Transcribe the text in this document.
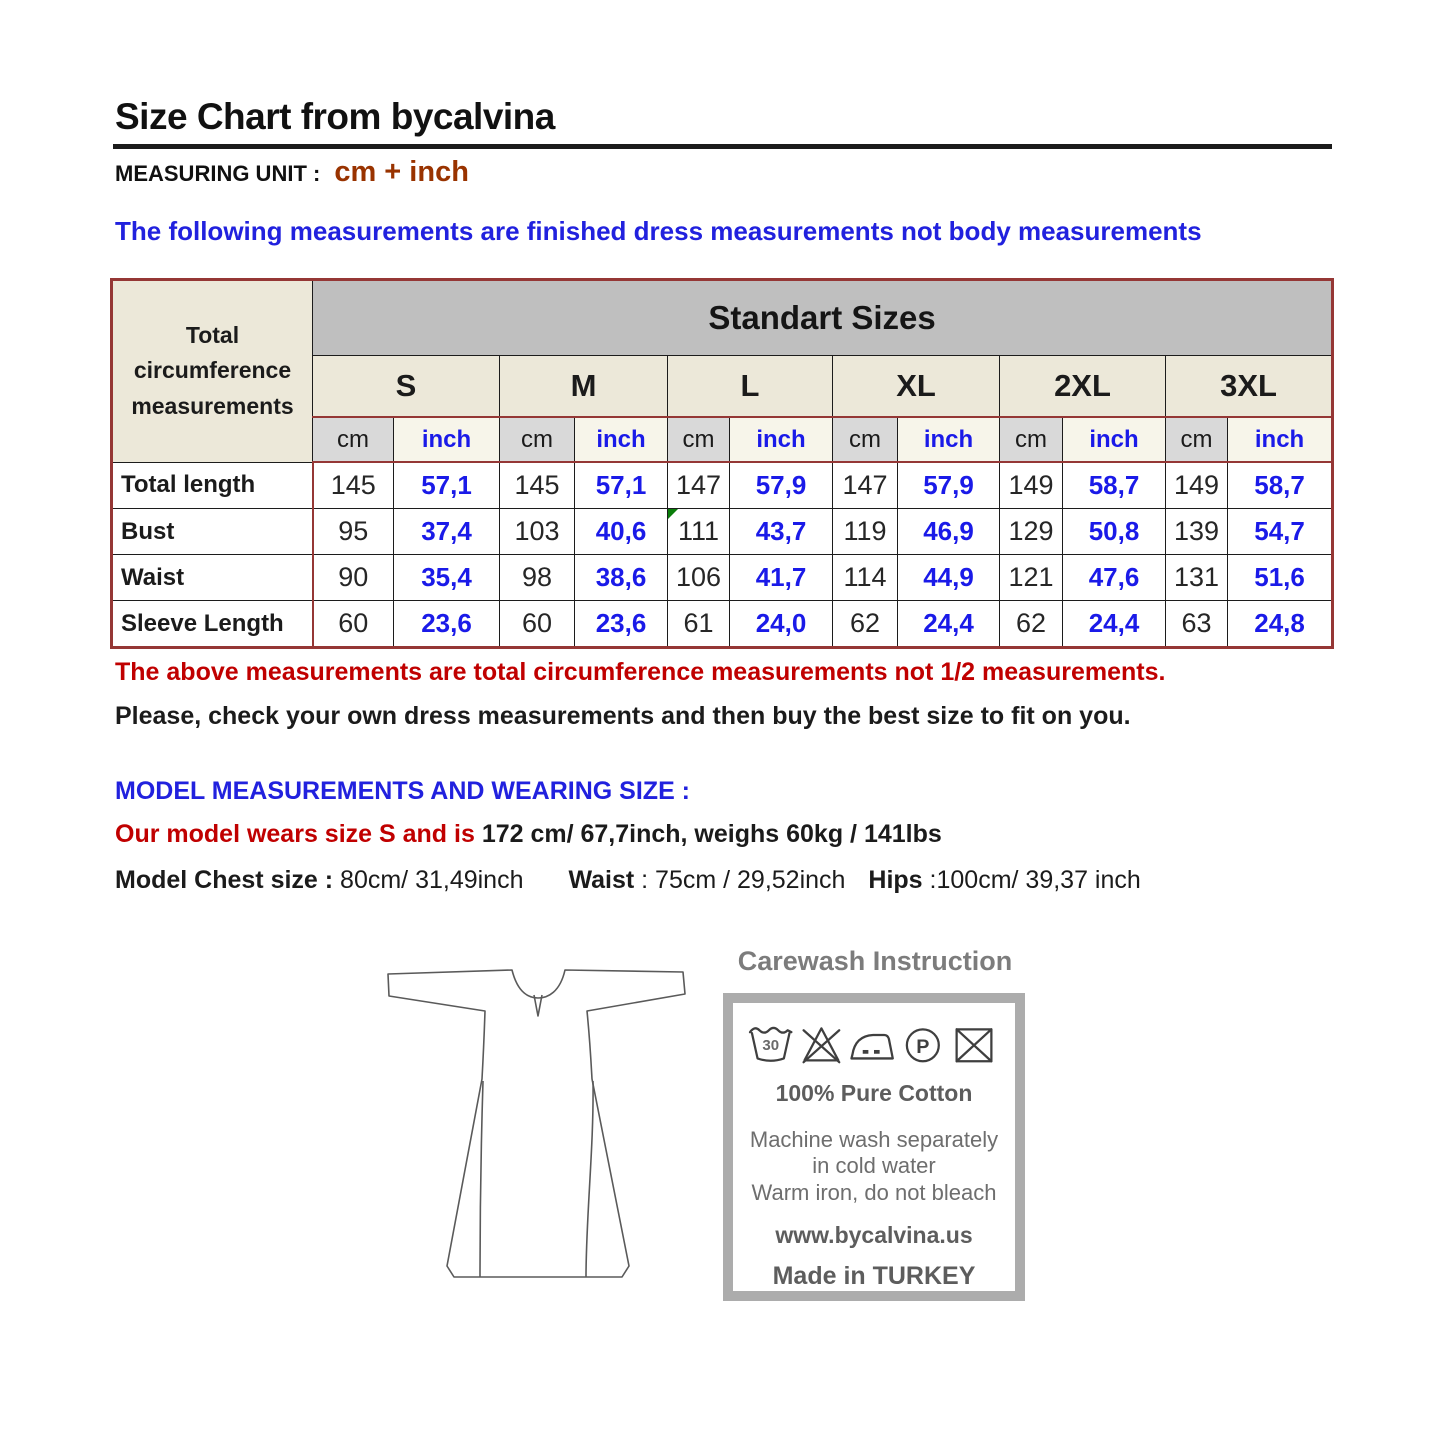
Size Chart from bycalvina
MEASURING UNIT : cm + inch
The following measurements are finished dress measurements not body measurements
Total circumference measurements	Standart Sizes											
	S		M		L		XL		2XL		3XL	
	cm	inch	cm	inch	cm	inch	cm	inch	cm	inch	cm	inch
Total length	145	57,1	145	57,1	147	57,9	147	57,9	149	58,7	149	58,7
Bust	95	37,4	103	40,6	111	43,7	119	46,9	129	50,8	139	54,7
Waist	90	35,4	98	38,6	106	41,7	114	44,9	121	47,6	131	51,6
Sleeve Length	60	23,6	60	23,6	61	24,0	62	24,4	62	24,4	63	24,8
The above measurements are total circumference measurements not 1/2 measurements.
Please, check your own dress measurements and then buy the best size to fit on you.
MODEL MEASUREMENTS AND WEARING SIZE :
Our model wears size S and is 172 cm/ 67,7inch, weighs 60kg / 141lbs
Model Chest size : 80cm/ 31,49inch Waist : 75cm / 29,52inch Hips :100cm/ 39,37 inch
Carewash Instruction
30	P
100% Pure Cotton
Machine wash separately
in cold water
Warm iron, do not bleach
www.bycalvina.us
Made in TURKEY
